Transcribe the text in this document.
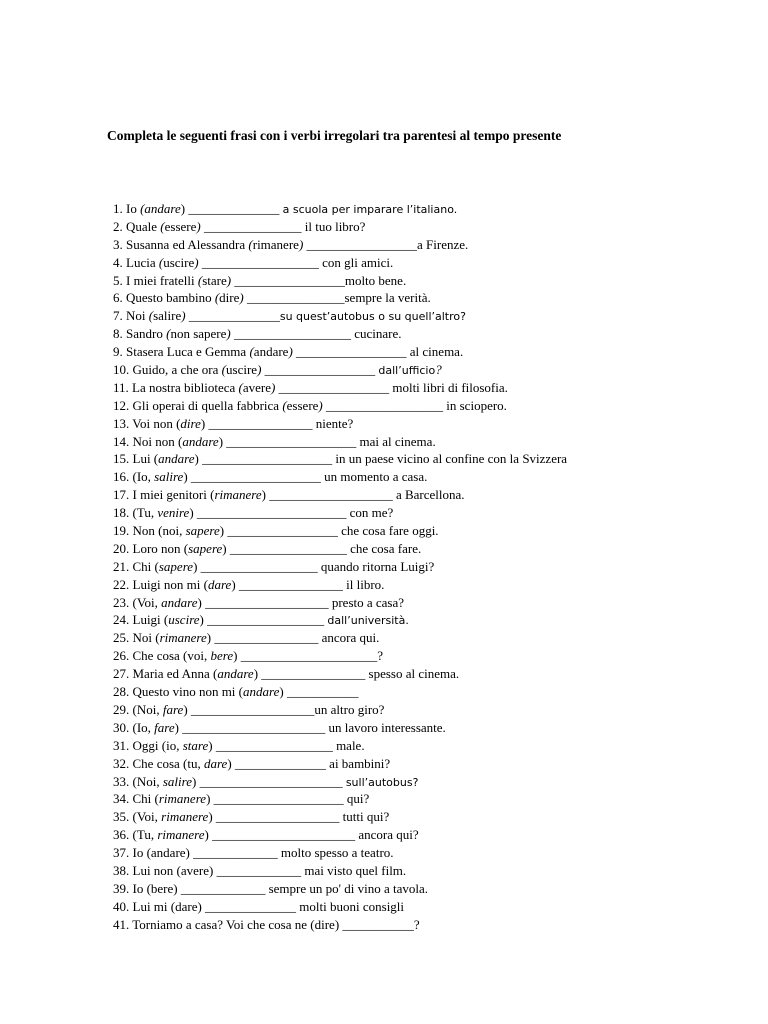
Completa le seguenti frasi con i verbi irregolari tra parentesi al tempo presente
1. Io (andare) ______________ a scuola per imparare l’italiano.
2. Quale (essere) _______________ il tuo libro?
3. Susanna ed Alessandra (rimanere) _________________a Firenze.
4. Lucia (uscire) __________________ con gli amici.
5. I miei fratelli (stare) _________________molto bene.
6. Questo bambino (dire) _______________sempre la verità.
7. Noi (salire) ______________su quest’autobus o su quell’altro?
8. Sandro (non sapere) __________________ cucinare.
9. Stasera Luca e Gemma (andare) _________________ al cinema.
10. Guido, a che ora (uscire) _________________ dall’ufficio?
11. La nostra biblioteca (avere) _________________ molti libri di filosofia.
12. Gli operai di quella fabbrica (essere) __________________ in sciopero.
13. Voi non (dire) ________________ niente?
14. Noi non (andare) ____________________ mai al cinema.
15. Lui (andare) ____________________ in un paese vicino al confine con la Svizzera
16. (Io, salire) ____________________ un momento a casa.
17. I miei genitori (rimanere) ___________________ a Barcellona.
18. (Tu, venire) _______________________ con me?
19. Non (noi, sapere) _________________ che cosa fare oggi.
20. Loro non (sapere) __________________ che cosa fare.
21. Chi (sapere) __________________ quando ritorna Luigi?
22. Luigi non mi (dare) ________________ il libro.
23. (Voi, andare) ___________________ presto a casa?
24. Luigi (uscire) __________________ dall’università.
25. Noi (rimanere) ________________ ancora qui.
26. Che cosa (voi, bere) _____________________?
27. Maria ed Anna (andare) ________________ spesso al cinema.
28. Questo vino non mi (andare) ___________
29. (Noi, fare) ___________________un altro giro?
30. (Io, fare) ______________________ un lavoro interessante.
31. Oggi (io, stare) __________________ male.
32. Che cosa (tu, dare) ______________ ai bambini?
33. (Noi, salire) ______________________ sull’autobus?
34. Chi (rimanere) ____________________ qui?
35. (Voi, rimanere) ___________________ tutti qui?
36. (Tu, rimanere) ______________________ ancora qui?
37. Io (andare) _____________ molto spesso a teatro.
38. Lui non (avere) _____________ mai visto quel film.
39. Io (bere) _____________ sempre un po' di vino a tavola.
40. Lui mi (dare) ______________ molti buoni consigli
41. Torniamo a casa? Voi che cosa ne (dire) ___________?
